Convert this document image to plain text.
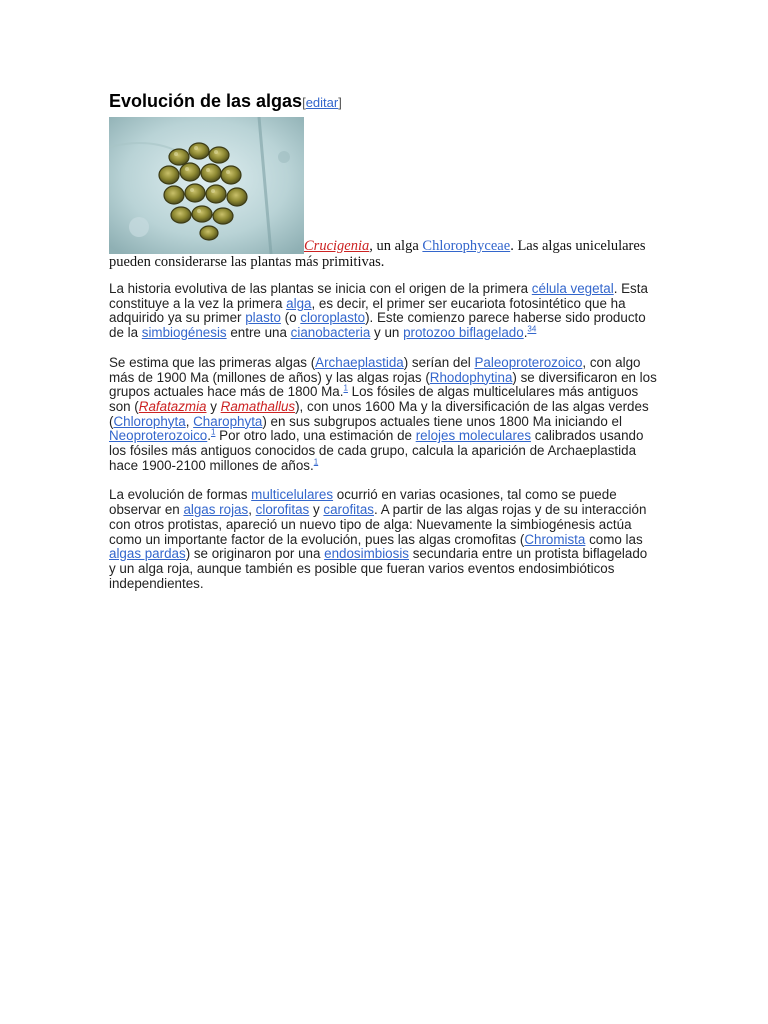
Evolución de las algas[editar]
Crucigenia, un alga Chlorophyceae. Las algas unicelulares pueden considerarse las plantas más primitivas.

La historia evolutiva de las plantas se inicia con el origen de la primera célula vegetal. Esta constituye a la vez la primera alga, es decir, el primer ser eucariota fotosintético que ha adquirido ya su primer plasto (o cloroplasto). Este comienzo parece haberse sido producto de la simbiogénesis entre una cianobacteria y un protozoo biflagelado.$^{34}$

Se estima que las primeras algas (Archaeplastida) serían del Paleoproterozoico, con algo más de 1900 Ma (millones de años) y las algas rojas (Rhodophytina) se diversificaron en los grupos actuales hace más de 1800 Ma.$^1$ Los fósiles de algas multicelulares más antiguos son (Rafatazmia y Ramathallus), con unos 1600 Ma y la diversificación de las algas verdes (Chlorophyta, Charophyta) en sus subgrupos actuales tiene unos 1800 Ma iniciando el Neoproterozoico.$^1$ Por otro lado, una estimación de relojes moleculares calibrados usando los fósiles más antiguos conocidos de cada grupo, calcula la aparición de Archaeplastida hace 1900-2100 millones de años.$^1$

La evolución de formas multicelulares ocurrió en varias ocasiones, tal como se puede observar en algas rojas, clorofitas y carofitas. A partir de las algas rojas y de su interacción con otros protistas, apareció un nuevo tipo de alga: Nuevamente la simbiogénesis actúa como un importante factor de la evolución, pues las algas cromofitas (Chromista como las algas pardas) se originaron por una endosimbiosis secundaria entre un protista biflagelado y un alga roja, aunque también es posible que fueran varios eventos endosimbióticos independientes.
